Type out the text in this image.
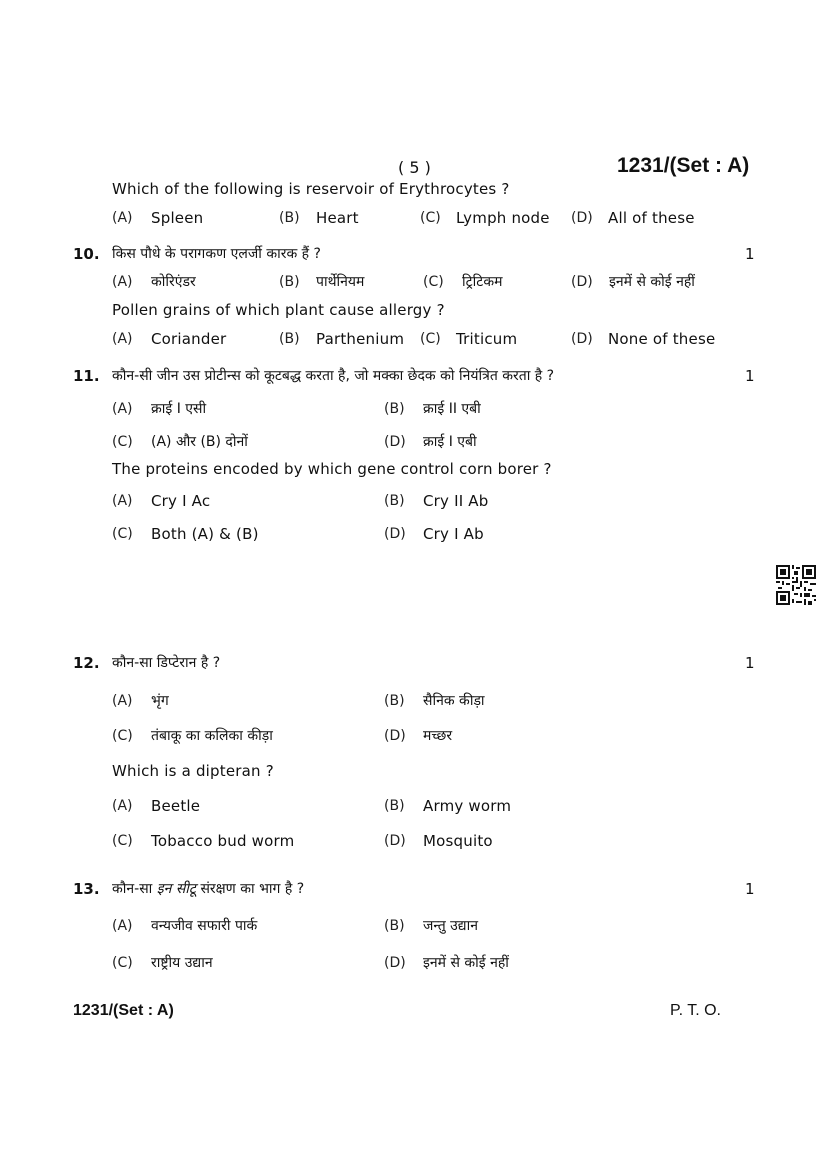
( 5 )	1231/(Set : A)
Which of the following is reservoir of Erythrocytes ?
(A) Spleen	(B) Heart	(C) Lymph node (D) All of these
10. किस पौधे के परागकण एलर्जी कारक हैं ?	1
(A) कोरिएंडर	(B) पार्थेनियम	(C) ट्रिटिकम	(D) इनमें से कोई नहीं
Pollen grains of which plant cause allergy ?
(A) Coriander	(B) Parthenium (C) Triticum	(D) None of these
11. कौन-सी जीन उस प्रोटीन्स को कूटबद्ध करता है, जो मक्का छेदक को नियंत्रित करता है ?	1
(A) क्राई I एसी	(B) क्राई II एबी
(C) (A) और (B) दोनों	(D) क्राई I एबी
The proteins encoded by which gene control corn borer ?
(A) Cry I Ac	(B) Cry II Ab
(C) Both (A) & (B)	(D) Cry I Ab
12. कौन-सा डिप्टेरान है ?	1
(A) भृंग	(B) सैनिक कीड़ा
(C) तंबाकू का कलिका कीड़ा	(D) मच्छर
Which is a dipteran ?
(A) Beetle	(B) Army worm
(C) Tobacco bud worm	(D) Mosquito
13. कौन-सा इन सीटू संरक्षण का भाग है ?	1
(A) वन्यजीव सफारी पार्क	(B) जन्तु उद्यान
(C) राष्ट्रीय उद्यान	(D) इनमें से कोई नहीं
1231/(Set : A)	P. T. O.
